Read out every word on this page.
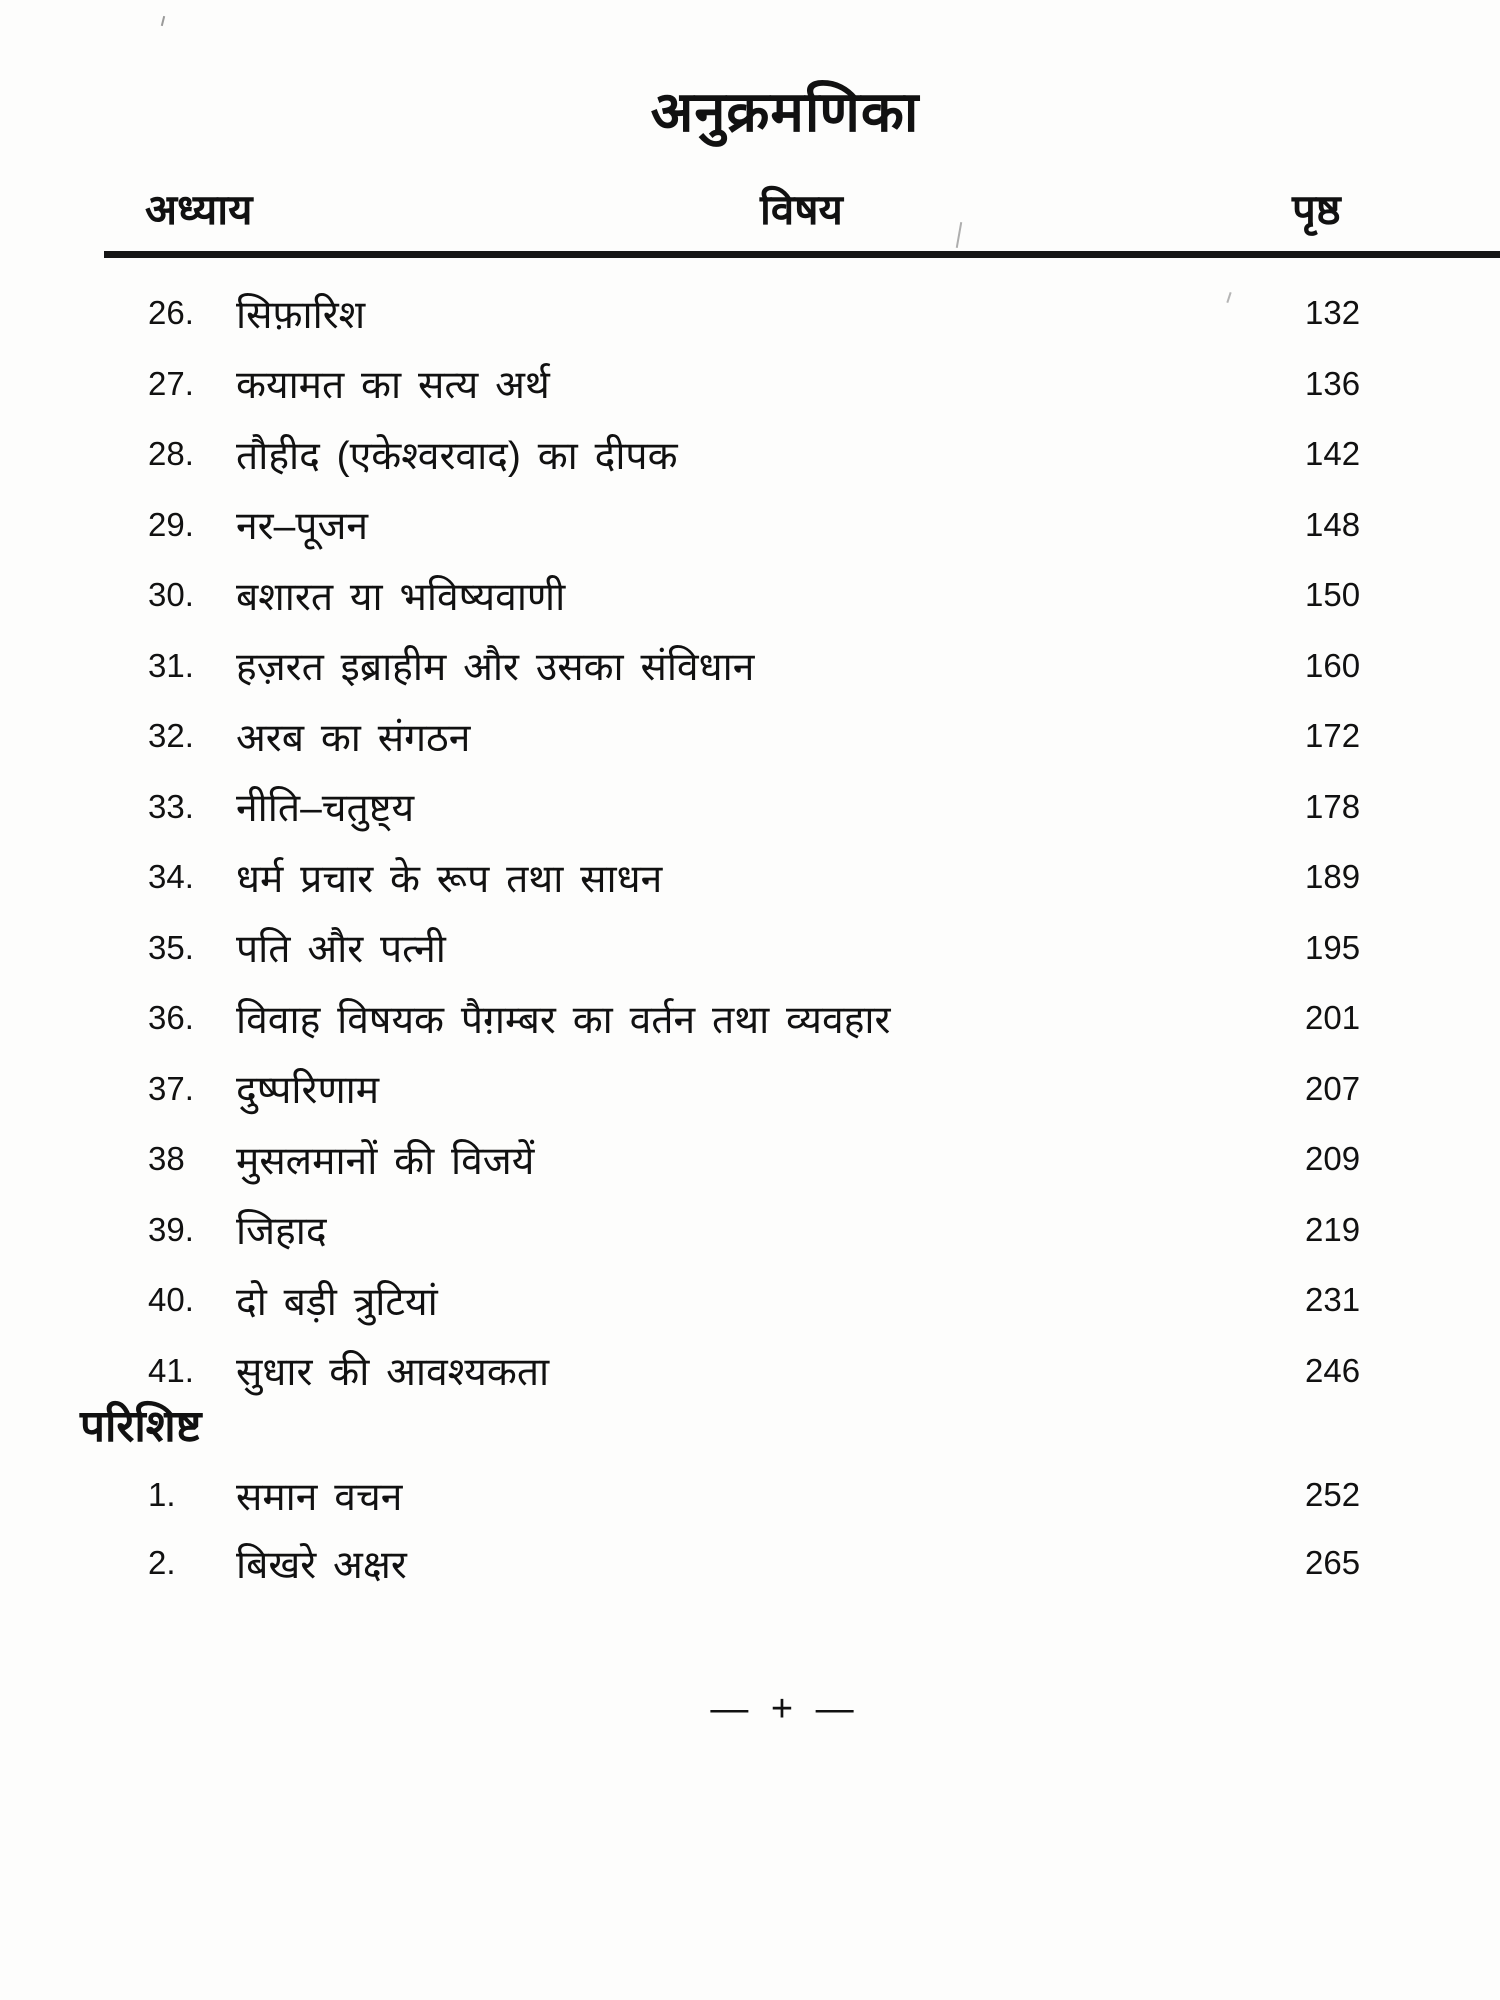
अनुक्रमणिका
अध्याय	विषय	पृष्ठ
26.	सिफ़ारिश	132
27.	कयामत का सत्य अर्थ	136
28.	तौहीद (एकेश्वरवाद) का दीपक	142
29.	नर–पूजन	148
30.	बशारत या भविष्यवाणी	150
31.	हज़रत इब्राहीम और उसका संविधान	160
32.	अरब का संगठन	172
33.	नीति–चतुष्ट्य	178
34.	धर्म प्रचार के रूप तथा साधन	189
35.	पति और पत्नी	195
36.	विवाह विषयक पैग़म्बर का वर्तन तथा व्यवहार	201
37.	दुष्परिणाम	207
38	मुसलमानों की विजयें	209
39.	जिहाद	219
40.	दो बड़ी त्रुटियां	231
41.	सुधार की आवश्यकता	246
परिशिष्ट
1.	समान वचन	252
2.	बिखरे अक्षर	265
— + —
